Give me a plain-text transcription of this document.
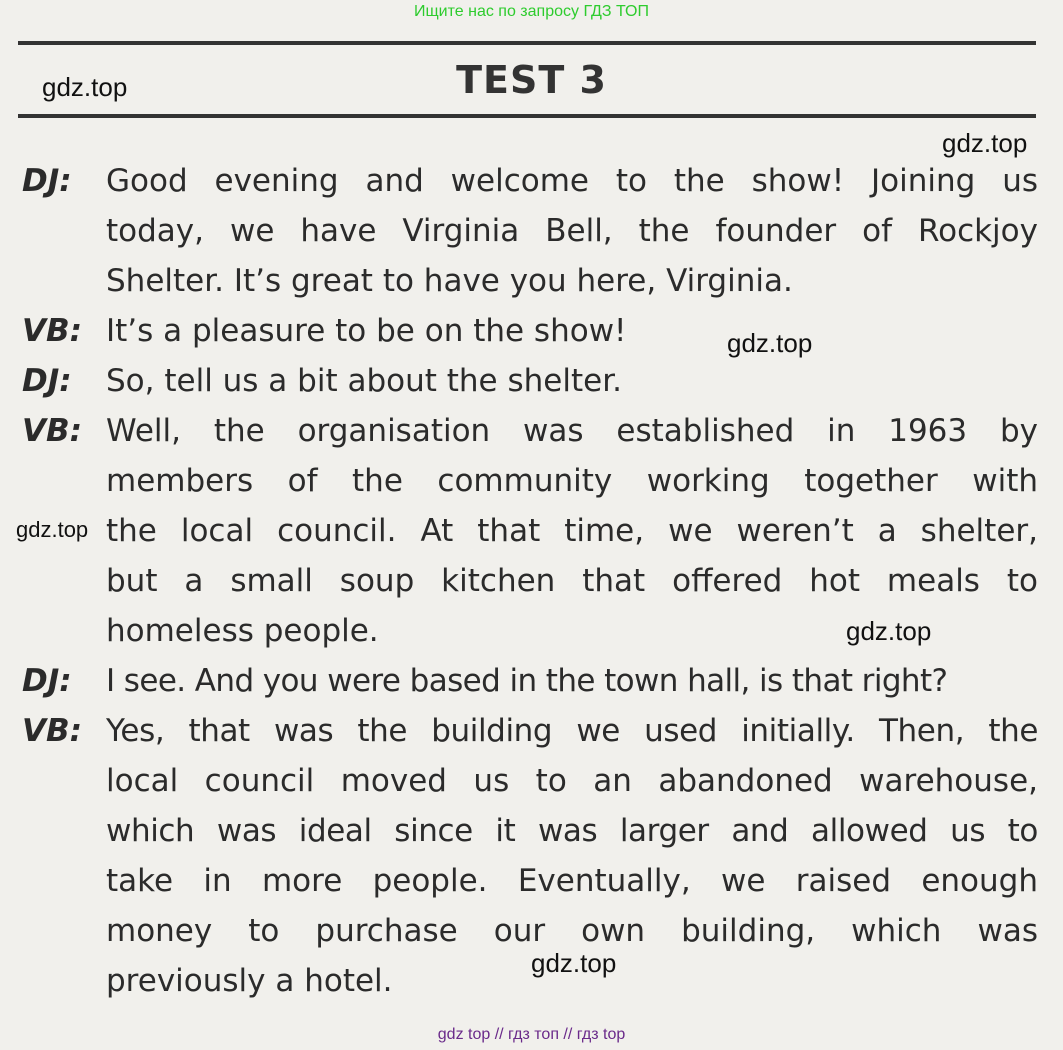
Ищите нас по запросу ГДЗ ТОП
TEST 3
gdz.top
gdz.top
gdz.top
gdz.top
gdz.top
gdz.top
DJ:	Good evening and welcome to the show! Joining us
today, we have Virginia Bell, the founder of Rockjoy
Shelter. It’s great to have you here, Virginia.
VB: It’s a pleasure to be on the show!
DJ:	So, tell us a bit about the shelter.
VB: Well, the organisation was established in 1963 by
members of the community working together with
the local council. At that time, we weren’t a shelter,
but a small soup kitchen that offered hot meals to
homeless people.
DJ:	I see. And you were based in the town hall, is that right?
VB: Yes, that was the building we used initially. Then, the
local council moved us to an abandoned warehouse,
which was ideal since it was larger and allowed us to
take in more people. Eventually, we raised enough
money to purchase our own building, which was
previously a hotel.
gdz top // гдз топ // гдз top
